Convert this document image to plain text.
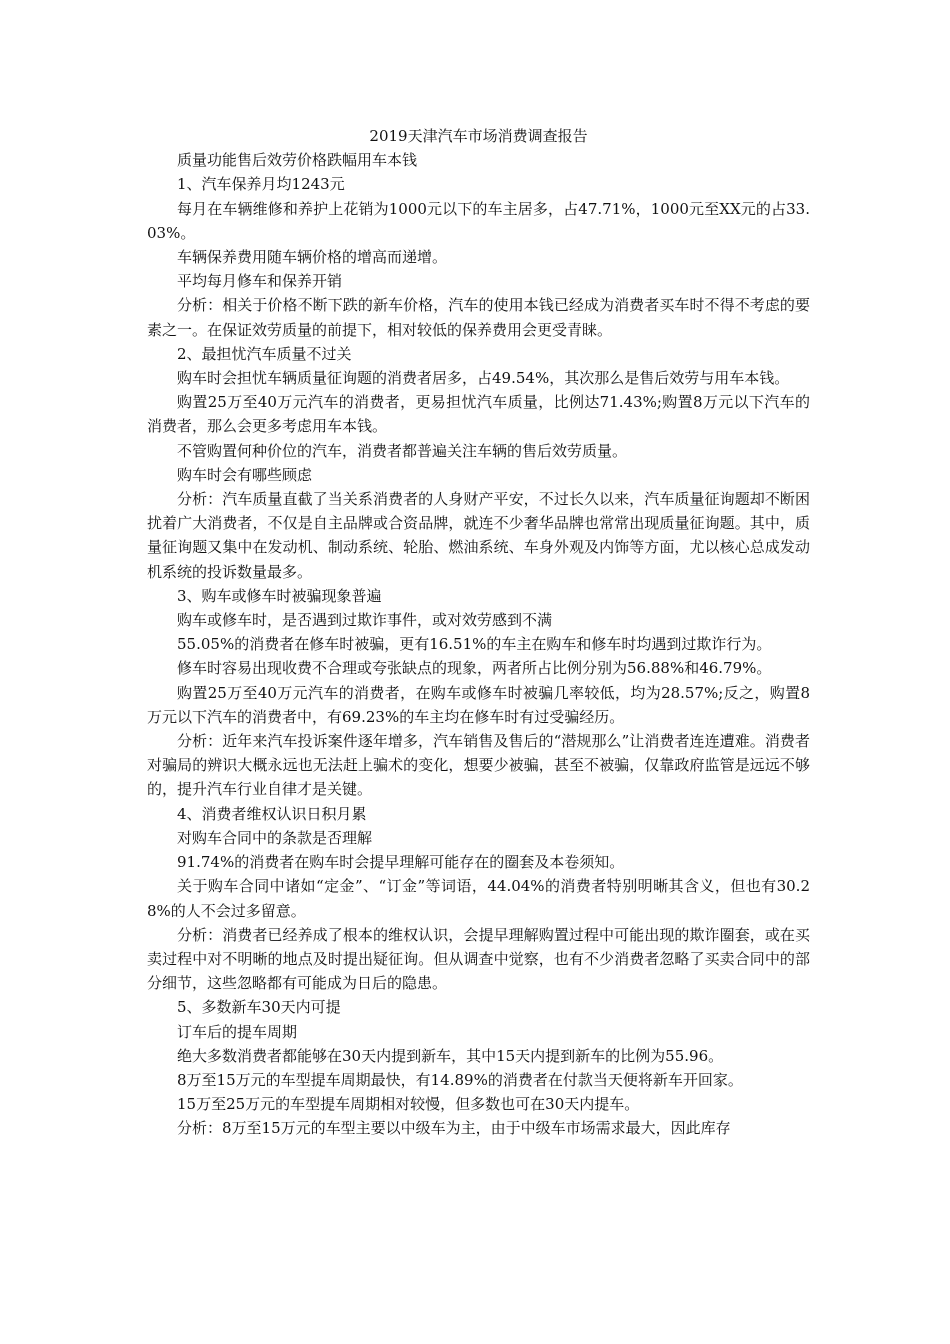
2019天津汽车市场消费调查报告

质量功能售后效劳价格跌幅用车本钱

1、汽车保养月均1243元

每月在车辆维修和养护上花销为1000元以下的车主居多，占47.71%，1000元至XX元的占33.03%。

车辆保养费用随车辆价格的增高而递增。

平均每月修车和保养开销

分析：相关于价格不断下跌的新车价格，汽车的使用本钱已经成为消费者买车时不得不考虑的要素之一。在保证效劳质量的前提下，相对较低的保养费用会更受青睐。

2、最担忧汽车质量不过关

购车时会担忧车辆质量征询题的消费者居多，占49.54%，其次那么是售后效劳与用车本钱。

购置25万至40万元汽车的消费者，更易担忧汽车质量，比例达71.43%;购置8万元以下汽车的消费者，那么会更多考虑用车本钱。

不管购置何种价位的汽车，消费者都普遍关注车辆的售后效劳质量。

购车时会有哪些顾虑

分析：汽车质量直截了当关系消费者的人身财产平安，不过长久以来，汽车质量征询题却不断困扰着广大消费者，不仅是自主品牌或合资品牌，就连不少奢华品牌也常常出现质量征询题。其中，质量征询题又集中在发动机、制动系统、轮胎、燃油系统、车身外观及内饰等方面，尤以核心总成发动机系统的投诉数量最多。

3、购车或修车时被骗现象普遍

购车或修车时，是否遇到过欺诈事件，或对效劳感到不满

55.05%的消费者在修车时被骗，更有16.51%的车主在购车和修车时均遇到过欺诈行为。

修车时容易出现收费不合理或夸张缺点的现象，两者所占比例分别为56.88%和46.79%。

购置25万至40万元汽车的消费者，在购车或修车时被骗几率较低，均为28.57%;反之，购置8万元以下汽车的消费者中，有69.23%的车主均在修车时有过受骗经历。

分析：近年来汽车投诉案件逐年增多，汽车销售及售后的“潜规那么”让消费者连连遭难。消费者对骗局的辨识大概永远也无法赶上骗术的变化，想要少被骗，甚至不被骗，仅靠政府监管是远远不够的，提升汽车行业自律才是关键。

4、消费者维权认识日积月累

对购车合同中的条款是否理解

91.74%的消费者在购车时会提早理解可能存在的圈套及本卷须知。

关于购车合同中诸如“定金”、“订金”等词语，44.04%的消费者特别明晰其含义，但也有30.28%的人不会过多留意。

分析：消费者已经养成了根本的维权认识，会提早理解购置过程中可能出现的欺诈圈套，或在买卖过程中对不明晰的地点及时提出疑征询。但从调查中觉察，也有不少消费者忽略了买卖合同中的部分细节，这些忽略都有可能成为日后的隐患。

5、多数新车30天内可提

订车后的提车周期

绝大多数消费者都能够在30天内提到新车，其中15天内提到新车的比例为55.96。

8万至15万元的车型提车周期最快，有14.89%的消费者在付款当天便将新车开回家。

15万至25万元的车型提车周期相对较慢，但多数也可在30天内提车。

分析：8万至15万元的车型主要以中级车为主，由于中级车市场需求最大，因此库存
